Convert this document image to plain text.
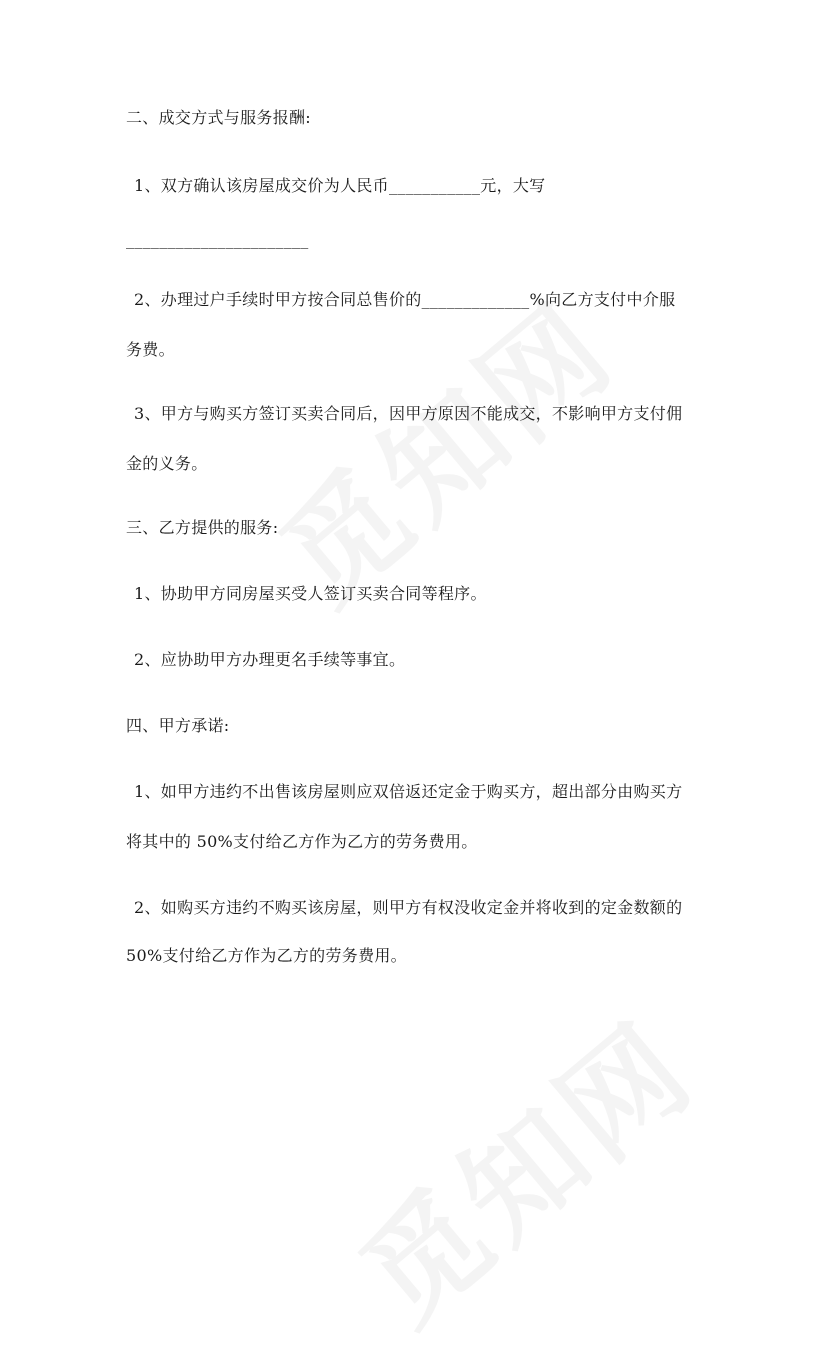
二、成交方式与服务报酬:
1、双方确认该房屋成交价为人民币___________元，大写
______________________
2、办理过户手续时甲方按合同总售价的_____________%向乙方支付中介服
务费。
3、甲方与购买方签订买卖合同后，因甲方原因不能成交，不影响甲方支付佣
金的义务。
三、乙方提供的服务:
1、协助甲方同房屋买受人签订买卖合同等程序。
2、应协助甲方办理更名手续等事宜。
四、甲方承诺:
1、如甲方违约不出售该房屋则应双倍返还定金于购买方，超出部分由购买方
将其中的 50%支付给乙方作为乙方的劳务费用。
2、如购买方违约不购买该房屋，则甲方有权没收定金并将收到的定金数额的
50%支付给乙方作为乙方的劳务费用。
